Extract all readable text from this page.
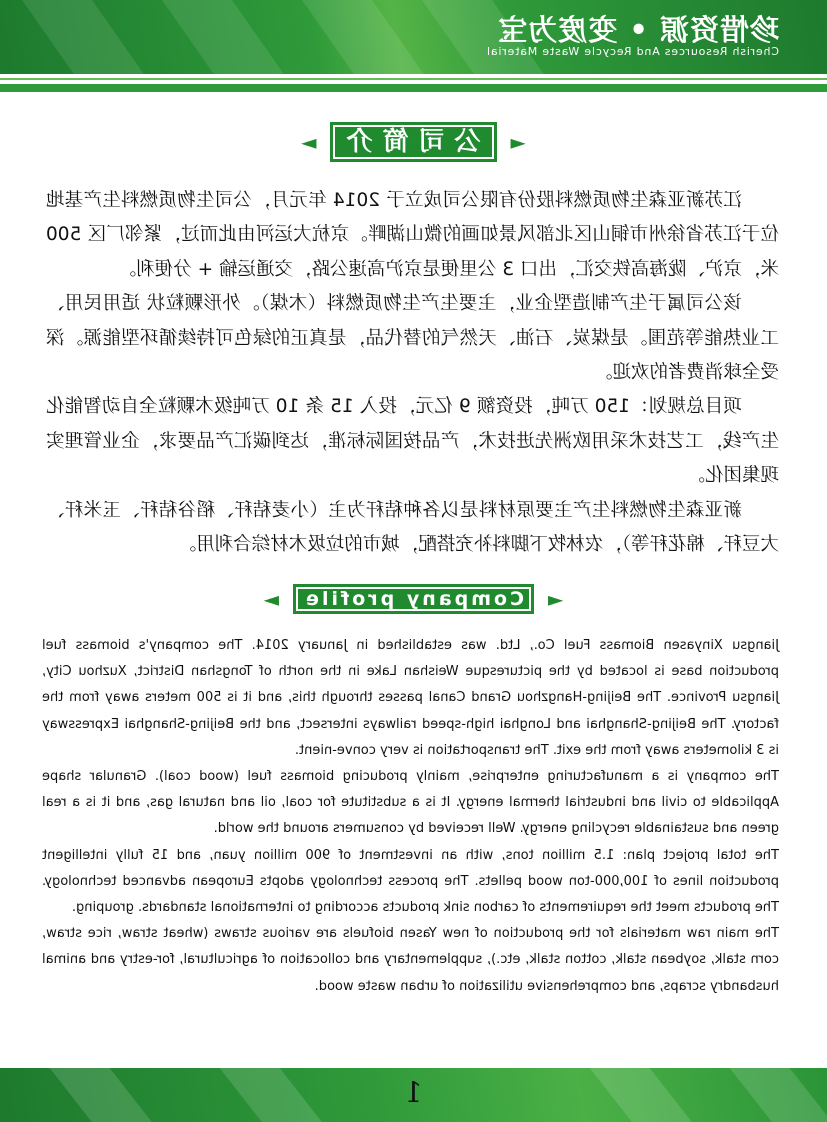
珍惜资源 • 变废为宝
Cherish Resources And Recycle Waste Material
◄
公司简介
►

江苏新亚森生物质燃料股份有限公司成立于 2014 年元月，公司生物质燃料生产基地位于江苏省徐州市铜山区北部风景如画的微山湖畔。京杭大运河由此而过，紧邻厂区 500 米，京沪、陇海高铁交汇，出口 3 公里便是京沪高速公路，交通运输 + 分便利。

该公司属于生产制造型企业，主要生产生物质燃料（木煤）。外形颗粒状 适用民用、工业热能等范围。是煤炭、石油、天然气的替代品，是真正的绿色可持续循环型能源。深受全球消费者的欢迎。

项目总规划：150 万吨，投资额 9 亿元，投入 15 条 10 万吨级木颗粒全自动智能化生产线，工艺技术采用欧洲先进技术，产品按国际标准，达到碳汇产品要求，企业管理实现集团化。

新亚森生物燃料生产主要原材料是以各种秸秆为主（小麦秸秆、稻谷秸秆、玉米秆、大豆秆、棉花秆等），农林牧下脚料补充搭配，城市的垃圾木材综合利用。

◄
Company profile
►

Jiangsu Xinyasen Biomass Fuel Co., Ltd. was established in January 2014. The company's biomass fuel production base is located by the picturesque Weishan Lake in the north of Tongshan District, Xuzhou City, Jiangsu Province. The Beijing-Hangzhou Grand Canal passes through this, and it is 500 meters away from the factory. The Beijing-Shanghai and Longhai high-speed railways intersect, and the Beijing-Shanghai Expressway is 3 kilometers away from the exit. The transportation is very conve-nient.

The company is a manufacturing enterprise, mainly producing biomass fuel (wood coal). Granular shape Applicable to civil and industrial thermal energy. It is a substitute for coal, oil and natural gas, and it is a real green and sustainable recycling energy. Well received by consumers around the world.

The total project plan: 1.5 million tons, with an investment of 900 million yuan, and 15 fully intelligent production lines of 100,000-ton wood pellets. The process technology adopts European advanced technology. The products meet the requirements of carbon sink products according to international standards. grouping.

The main raw materials for the production of new Yasen biofuels are various straws (wheat straw, rice straw, corn stalk, soybean stalk, cotton stalk, etc.), supplementary and collocation of agricultural, for-estry and animal husbandry scraps, and comprehensive utilization of urban waste wood.

1
